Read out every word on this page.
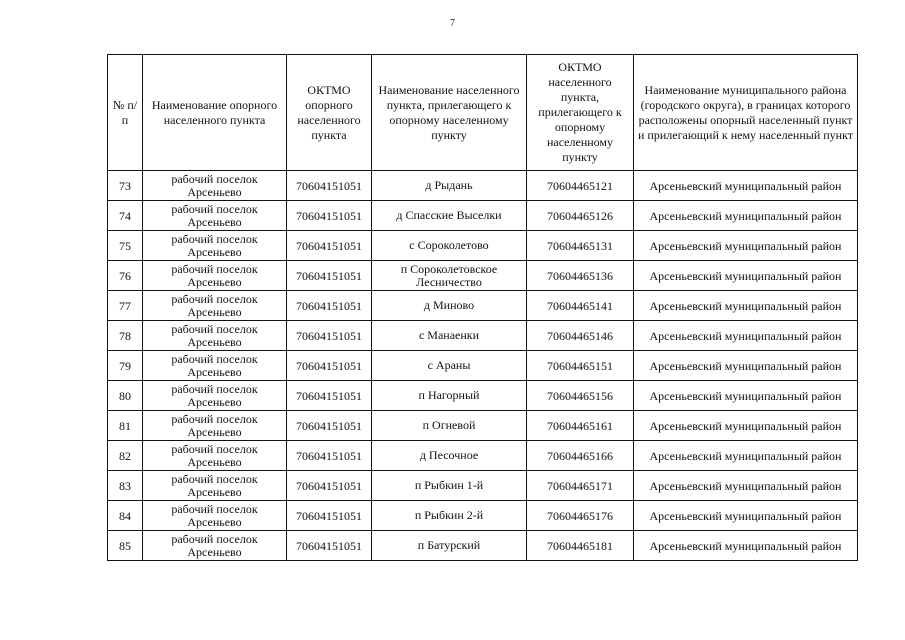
7
№ п/п	Наименование опорного населенного пункта	ОКТМО опорного населенного пункта	Наименование населенного пункта, прилегающего к опорному населенному пункту	ОКТМО населенного пункта, прилегающего к опорному населенному пункту	Наименование муниципального района (городского округа), в границах которого расположены опорный населенный пункт и прилегающий к нему населенный пункт
73	рабочий поселок Арсеньево	70604151051	д Рыдань	70604465121	Арсеньевский муниципальный район
74	рабочий поселок Арсеньево	70604151051	д Спасские Выселки	70604465126	Арсеньевский муниципальный район
75	рабочий поселок Арсеньево	70604151051	с Сороколетово	70604465131	Арсеньевский муниципальный район
76	рабочий поселок Арсеньево	70604151051	п Сороколетовское Лесничество	70604465136	Арсеньевский муниципальный район
77	рабочий поселок Арсеньево	70604151051	д Миново	70604465141	Арсеньевский муниципальный район
78	рабочий поселок Арсеньево	70604151051	с Манаенки	70604465146	Арсеньевский муниципальный район
79	рабочий поселок Арсеньево	70604151051	с Араны	70604465151	Арсеньевский муниципальный район
80	рабочий поселок Арсеньево	70604151051	п Нагорный	70604465156	Арсеньевский муниципальный район
81	рабочий поселок Арсеньево	70604151051	п Огневой	70604465161	Арсеньевский муниципальный район
82	рабочий поселок Арсеньево	70604151051	д Песочное	70604465166	Арсеньевский муниципальный район
83	рабочий поселок Арсеньево	70604151051	п Рыбкин 1-й	70604465171	Арсеньевский муниципальный район
84	рабочий поселок Арсеньево	70604151051	п Рыбкин 2-й	70604465176	Арсеньевский муниципальный район
85	рабочий поселок Арсеньево	70604151051	п Батурский	70604465181	Арсеньевский муниципальный район
